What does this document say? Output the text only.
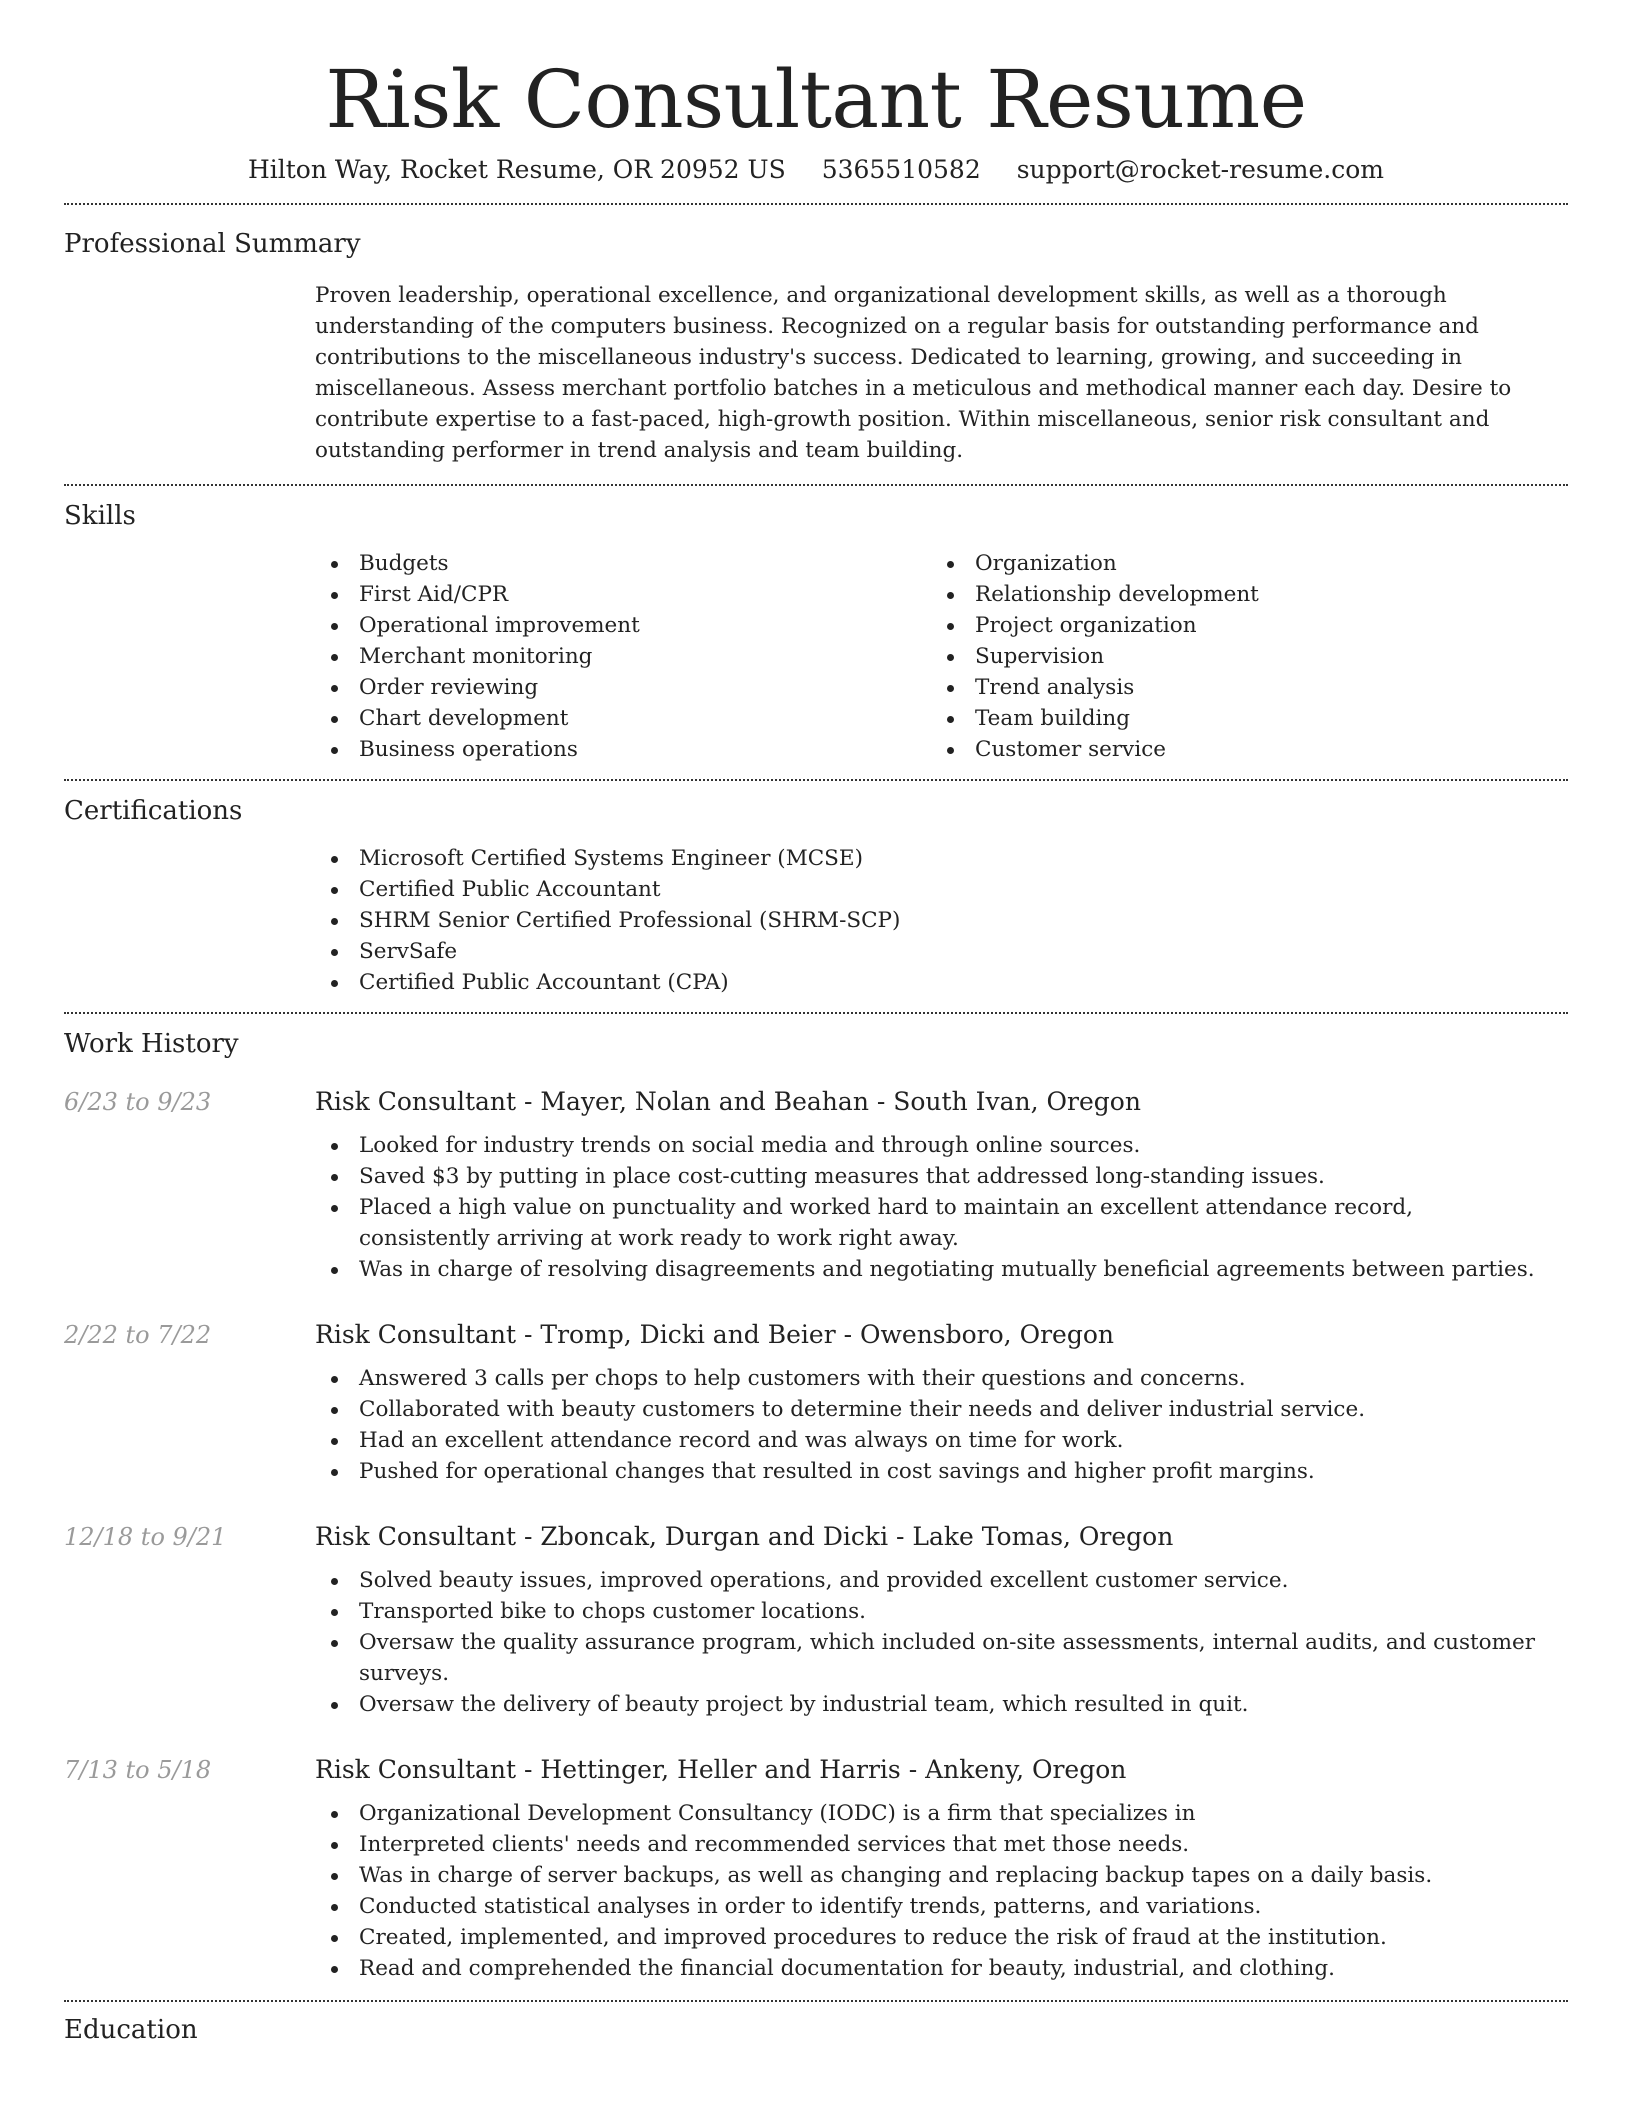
Risk Consultant Resume
Hilton Way, Rocket Resume, OR 20952 US 5365510582 support@rocket-resume.com
Professional Summary

Proven leadership, operational excellence, and organizational development skills, as well as a thorough understanding of the computers business. Recognized on a regular basis for outstanding performance and contributions to the miscellaneous industry's success. Dedicated to learning, growing, and succeeding in miscellaneous. Assess merchant portfolio batches in a meticulous and methodical manner each day. Desire to contribute expertise to a fast-paced, high-growth position. Within miscellaneous, senior risk consultant and outstanding performer in trend analysis and team building.

Skills
Budgets
First Aid/CPR
Operational improvement
Merchant monitoring
Order reviewing
Chart development
Business operations
Organization
Relationship development
Project organization
Supervision
Trend analysis
Team building
Customer service
Certifications
Microsoft Certified Systems Engineer (MCSE)
Certified Public Accountant
SHRM Senior Certified Professional (SHRM-SCP)
ServSafe
Certified Public Accountant (CPA)
Work History
6/23 to 9/23	Risk Consultant - Mayer, Nolan and Beahan - South Ivan, Oregon
Looked for industry trends on social media and through online sources.
Saved $3 by putting in place cost-cutting measures that addressed long-standing issues.
Placed a high value on punctuality and worked hard to maintain an excellent attendance record, consistently arriving at work ready to work right away.
Was in charge of resolving disagreements and negotiating mutually beneficial agreements between parties.
2/22 to 7/22	Risk Consultant - Tromp, Dicki and Beier - Owensboro, Oregon
Answered 3 calls per chops to help customers with their questions and concerns.
Collaborated with beauty customers to determine their needs and deliver industrial service.
Had an excellent attendance record and was always on time for work.
Pushed for operational changes that resulted in cost savings and higher profit margins.
12/18 to 9/21	Risk Consultant - Zboncak, Durgan and Dicki - Lake Tomas, Oregon
Solved beauty issues, improved operations, and provided excellent customer service.
Transported bike to chops customer locations.
Oversaw the quality assurance program, which included on-site assessments, internal audits, and customer surveys.
Oversaw the delivery of beauty project by industrial team, which resulted in quit.
7/13 to 5/18	Risk Consultant - Hettinger, Heller and Harris - Ankeny, Oregon
Organizational Development Consultancy (IODC) is a firm that specializes in
Interpreted clients' needs and recommended services that met those needs.
Was in charge of server backups, as well as changing and replacing backup tapes on a daily basis.
Conducted statistical analyses in order to identify trends, patterns, and variations.
Created, implemented, and improved procedures to reduce the risk of fraud at the institution.
Read and comprehended the financial documentation for beauty, industrial, and clothing.
Education
